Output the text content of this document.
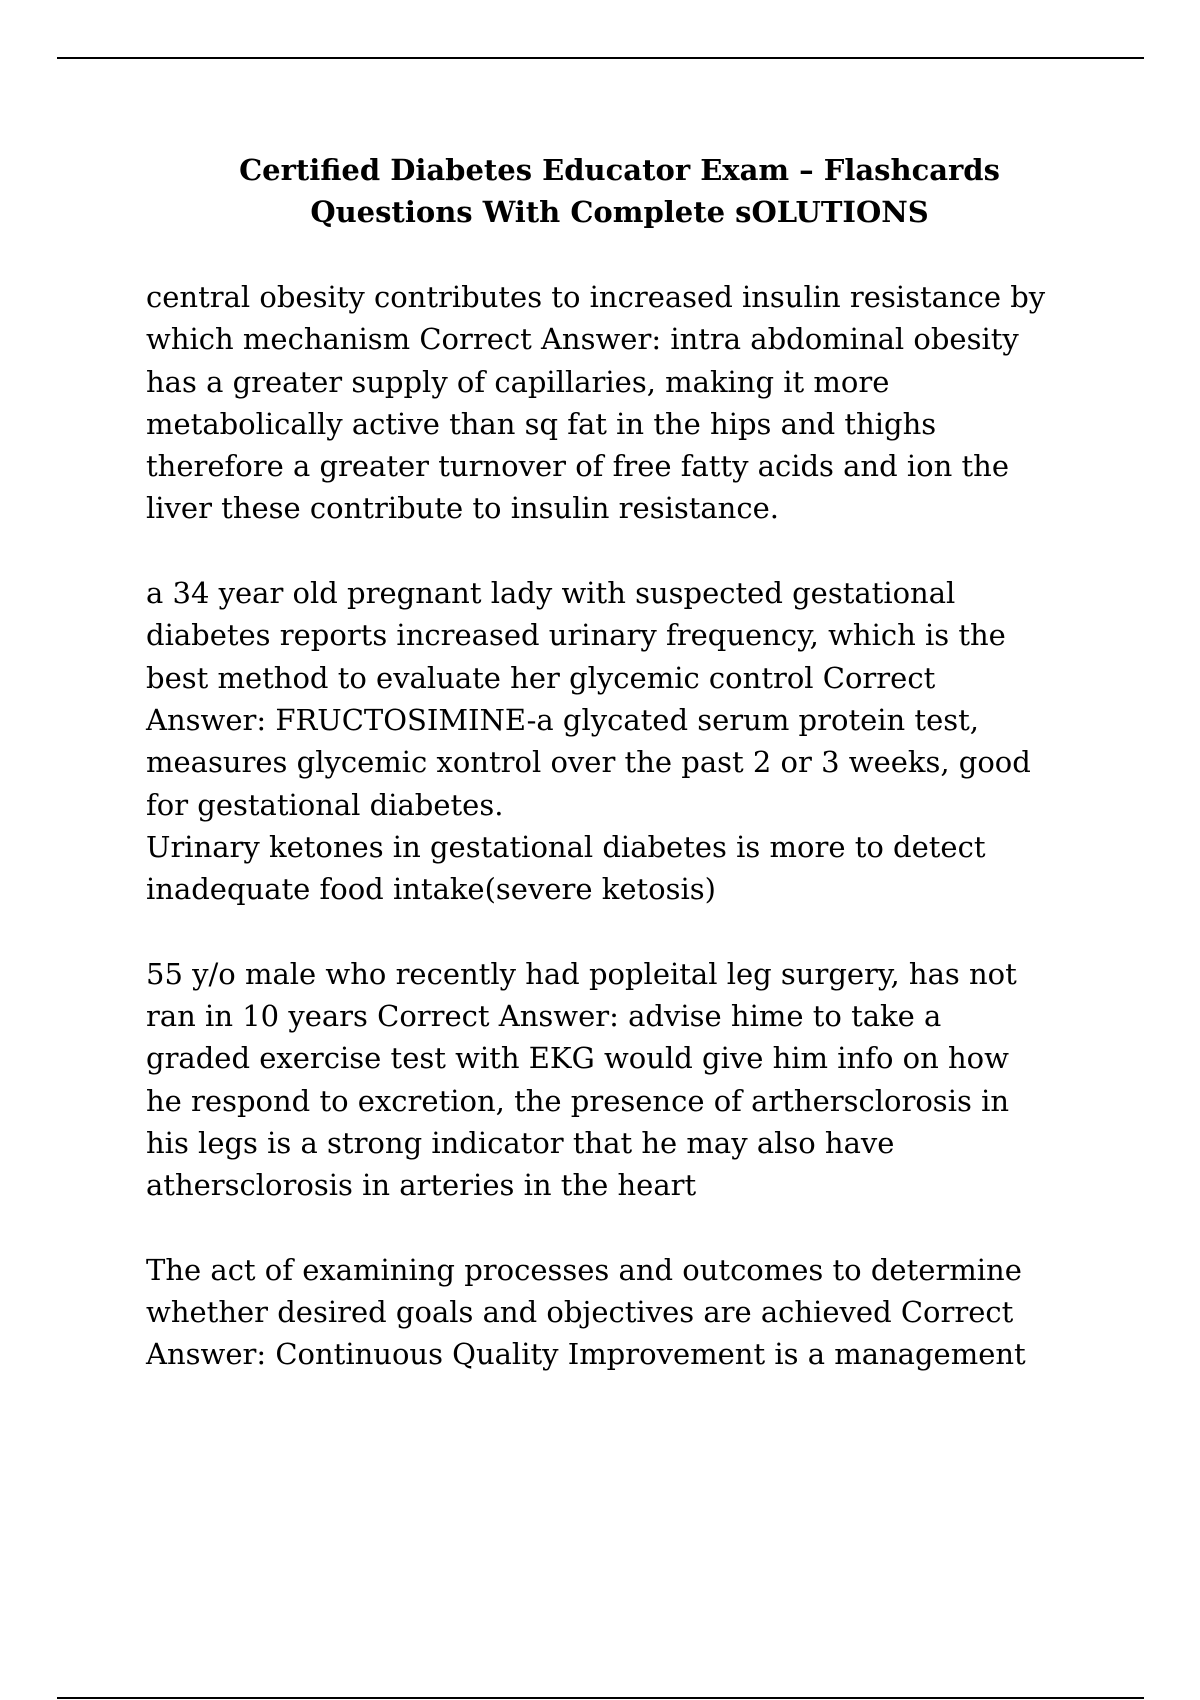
Certified Diabetes Educator Exam – Flashcards
Questions With Complete sOLUTIONS

central obesity contributes to increased insulin resistance by
which mechanism Correct Answer: intra abdominal obesity
has a greater supply of capillaries, making it more
metabolically active than sq fat in the hips and thighs
therefore a greater turnover of free fatty acids and ion the
liver these contribute to insulin resistance.

a 34 year old pregnant lady with suspected gestational
diabetes reports increased urinary frequency, which is the
best method to evaluate her glycemic control Correct
Answer: FRUCTOSIMINE-a glycated serum protein test,
measures glycemic xontrol over the past 2 or 3 weeks, good
for gestational diabetes.
Urinary ketones in gestational diabetes is more to detect
inadequate food intake(severe ketosis)

55 y/o male who recently had popleital leg surgery, has not
ran in 10 years Correct Answer: advise hime to take a
graded exercise test with EKG would give him info on how
he respond to excretion, the presence of arthersclorosis in
his legs is a strong indicator that he may also have
athersclorosis in arteries in the heart

The act of examining processes and outcomes to determine
whether desired goals and objectives are achieved Correct
Answer: Continuous Quality Improvement is a management
